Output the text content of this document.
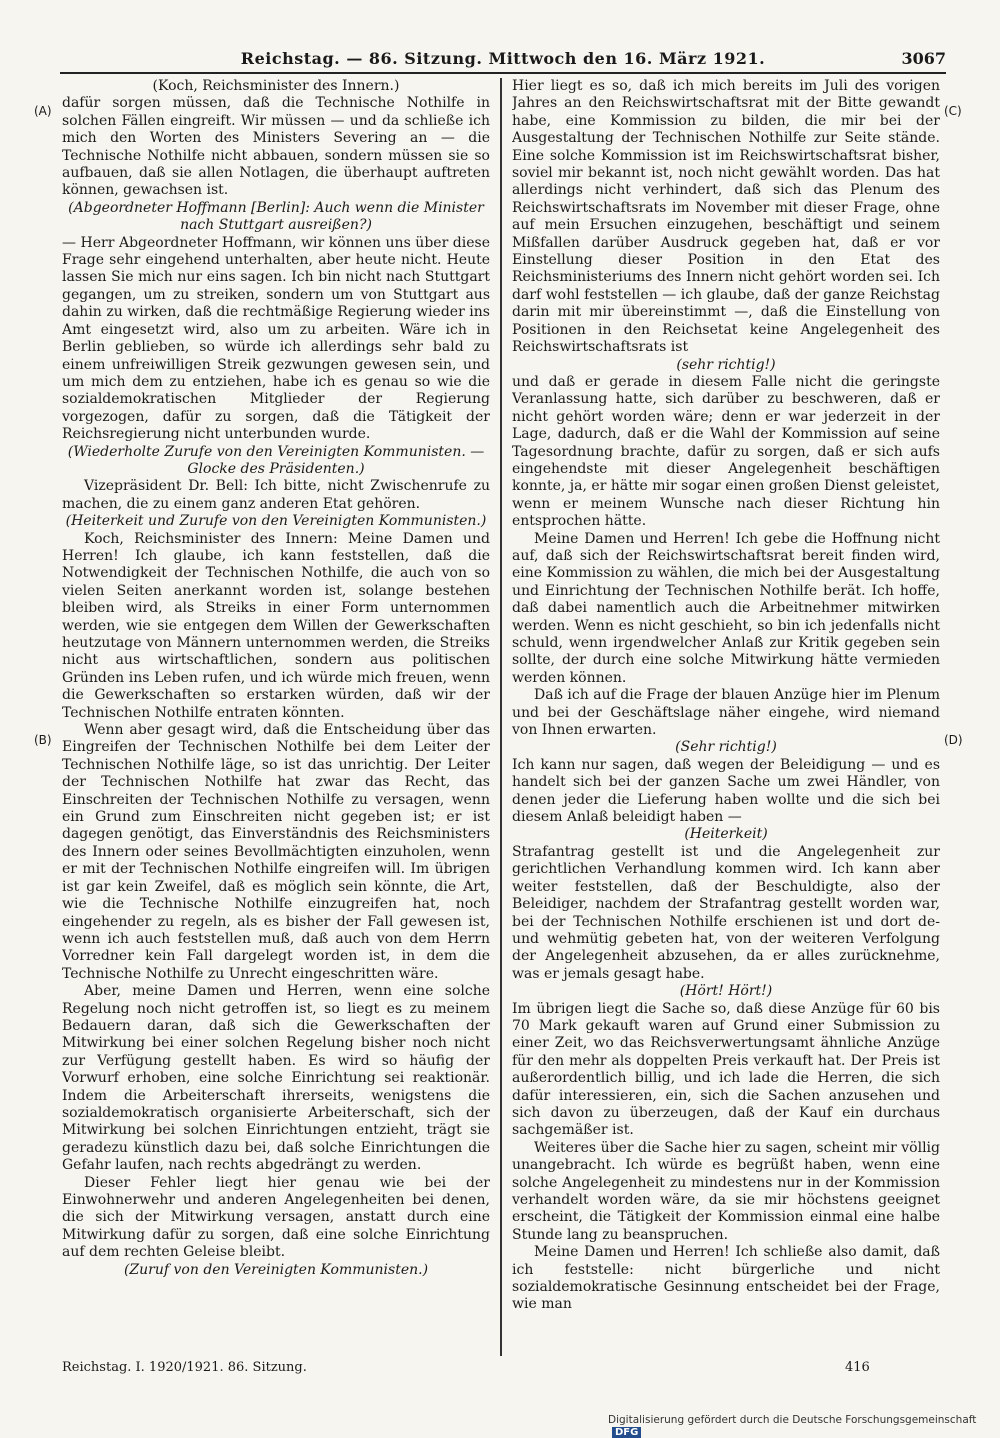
Reichstag. — 86. Sitzung. Mittwoch den 16. März 1921.	3067
(A)
(B)
(C)
(D)

(Koch, Reichsminister des Innern.)

dafür sorgen müssen, daß die Technische Nothilfe in solchen Fällen eingreift. Wir müssen — und da schließe ich mich den Worten des Ministers Severing an — die Technische Nothilfe nicht abbauen, sondern müssen sie so aufbauen, daß sie allen Notlagen, die überhaupt auftreten können, gewachsen ist.

(Abgeordneter Hoffmann [Berlin]: Auch wenn die Minister nach Stuttgart ausreißen?)

— Herr Abgeordneter Hoffmann, wir können uns über diese Frage sehr eingehend unterhalten, aber heute nicht. Heute lassen Sie mich nur eins sagen. Ich bin nicht nach Stuttgart gegangen, um zu streiken, sondern um von Stuttgart aus dahin zu wirken, daß die rechtmäßige Regierung wieder ins Amt eingesetzt wird, also um zu arbeiten. Wäre ich in Berlin geblieben, so würde ich allerdings sehr bald zu einem unfreiwilligen Streik gezwungen gewesen sein, und um mich dem zu entziehen, habe ich es genau so wie die sozialdemokratischen Mitglieder der Regierung vorgezogen, dafür zu sorgen, daß die Tätigkeit der Reichsregierung nicht unterbunden wurde.

(Wiederholte Zurufe von den Vereinigten Kommunisten. — Glocke des Präsidenten.)

Vizepräsident Dr. Bell: Ich bitte, nicht Zwischenrufe zu machen, die zu einem ganz anderen Etat gehören.

(Heiterkeit und Zurufe von den Vereinigten Kommunisten.)

Koch, Reichsminister des Innern: Meine Damen und Herren! Ich glaube, ich kann feststellen, daß die Notwendigkeit der Technischen Nothilfe, die auch von so vielen Seiten anerkannt worden ist, solange bestehen bleiben wird, als Streiks in einer Form unternommen werden, wie sie entgegen dem Willen der Gewerkschaften heutzutage von Männern unternommen werden, die Streiks nicht aus wirtschaftlichen, sondern aus politischen Gründen ins Leben rufen, und ich würde mich freuen, wenn die Gewerkschaften so erstarken würden, daß wir der Technischen Nothilfe entraten könnten.

Wenn aber gesagt wird, daß die Entscheidung über das Eingreifen der Technischen Nothilfe bei dem Leiter der Technischen Nothilfe läge, so ist das unrichtig. Der Leiter der Technischen Nothilfe hat zwar das Recht, das Einschreiten der Technischen Nothilfe zu versagen, wenn ein Grund zum Einschreiten nicht gegeben ist; er ist dagegen genötigt, das Einverständnis des Reichsministers des Innern oder seines Bevollmächtigten einzuholen, wenn er mit der Technischen Nothilfe eingreifen will. Im übrigen ist gar kein Zweifel, daß es möglich sein könnte, die Art, wie die Technische Nothilfe einzugreifen hat, noch eingehender zu regeln, als es bisher der Fall gewesen ist, wenn ich auch feststellen muß, daß auch von dem Herrn Vorredner kein Fall dargelegt worden ist, in dem die Technische Nothilfe zu Unrecht eingeschritten wäre.

Aber, meine Damen und Herren, wenn eine solche Regelung noch nicht getroffen ist, so liegt es zu meinem Bedauern daran, daß sich die Gewerkschaften der Mitwirkung bei einer solchen Regelung bisher noch nicht zur Verfügung gestellt haben. Es wird so häufig der Vorwurf erhoben, eine solche Einrichtung sei reaktionär. Indem die Arbeiterschaft ihrerseits, wenigstens die sozialdemokratisch organisierte Arbeiterschaft, sich der Mitwirkung bei solchen Einrichtungen entzieht, trägt sie geradezu künstlich dazu bei, daß solche Einrichtungen die Gefahr laufen, nach rechts abgedrängt zu werden.

Dieser Fehler liegt hier genau wie bei der Einwohnerwehr und anderen Angelegenheiten bei denen, die sich der Mitwirkung versagen, anstatt durch eine Mitwirkung dafür zu sorgen, daß eine solche Einrichtung auf dem rechten Geleise bleibt.

(Zuruf von den Vereinigten Kommunisten.)

Hier liegt es so, daß ich mich bereits im Juli des vorigen Jahres an den Reichswirtschaftsrat mit der Bitte gewandt habe, eine Kommission zu bilden, die mir bei der Ausgestaltung der Technischen Nothilfe zur Seite stände. Eine solche Kommission ist im Reichswirtschaftsrat bisher, soviel mir bekannt ist, noch nicht gewählt worden. Das hat allerdings nicht verhindert, daß sich das Plenum des Reichswirtschaftsrats im November mit dieser Frage, ohne auf mein Ersuchen einzugehen, beschäftigt und seinem Mißfallen darüber Ausdruck gegeben hat, daß er vor Einstellung dieser Position in den Etat des Reichsministeriums des Innern nicht gehört worden sei. Ich darf wohl feststellen — ich glaube, daß der ganze Reichstag darin mit mir übereinstimmt —, daß die Einstellung von Positionen in den Reichsetat keine Angelegenheit des Reichswirtschaftsrats ist

(sehr richtig!)

und daß er gerade in diesem Falle nicht die geringste Veranlassung hatte, sich darüber zu beschweren, daß er nicht gehört worden wäre; denn er war jederzeit in der Lage, dadurch, daß er die Wahl der Kommission auf seine Tagesordnung brachte, dafür zu sorgen, daß er sich aufs eingehendste mit dieser Angelegenheit beschäftigen konnte, ja, er hätte mir sogar einen großen Dienst geleistet, wenn er meinem Wunsche nach dieser Richtung hin entsprochen hätte.

Meine Damen und Herren! Ich gebe die Hoffnung nicht auf, daß sich der Reichswirtschaftsrat bereit finden wird, eine Kommission zu wählen, die mich bei der Ausgestaltung und Einrichtung der Technischen Nothilfe berät. Ich hoffe, daß dabei namentlich auch die Arbeitnehmer mitwirken werden. Wenn es nicht geschieht, so bin ich jedenfalls nicht schuld, wenn irgendwelcher Anlaß zur Kritik gegeben sein sollte, der durch eine solche Mitwirkung hätte vermieden werden können.

Daß ich auf die Frage der blauen Anzüge hier im Plenum und bei der Geschäftslage näher eingehe, wird niemand von Ihnen erwarten.

(Sehr richtig!)

Ich kann nur sagen, daß wegen der Beleidigung — und es handelt sich bei der ganzen Sache um zwei Händler, von denen jeder die Lieferung haben wollte und die sich bei diesem Anlaß beleidigt haben —

(Heiterkeit)

Strafantrag gestellt ist und die Angelegenheit zur gerichtlichen Verhandlung kommen wird. Ich kann aber weiter feststellen, daß der Beschuldigte, also der Beleidiger, nachdem der Strafantrag gestellt worden war, bei der Technischen Nothilfe erschienen ist und dort de- und wehmütig gebeten hat, von der weiteren Verfolgung der Angelegenheit abzusehen, da er alles zurücknehme, was er jemals gesagt habe.

(Hört! Hört!)

Im übrigen liegt die Sache so, daß diese Anzüge für 60 bis 70 Mark gekauft waren auf Grund einer Submission zu einer Zeit, wo das Reichsverwertungsamt ähnliche Anzüge für den mehr als doppelten Preis verkauft hat. Der Preis ist außerordentlich billig, und ich lade die Herren, die sich dafür interessieren, ein, sich die Sachen anzusehen und sich davon zu überzeugen, daß der Kauf ein durchaus sachgemäßer ist.

Weiteres über die Sache hier zu sagen, scheint mir völlig unangebracht. Ich würde es begrüßt haben, wenn eine solche Angelegenheit zu mindestens nur in der Kommission verhandelt worden wäre, da sie mir höchstens geeignet erscheint, die Tätigkeit der Kommission einmal eine halbe Stunde lang zu beanspruchen.

Meine Damen und Herren! Ich schließe also damit, daß ich feststelle: nicht bürgerliche und nicht sozialdemokratische Gesinnung entscheidet bei der Frage, wie man

Reichstag. I. 1920/1921. 86. Sitzung.	416
Digitalisierung gefördert durch die Deutsche Forschungsgemeinschaft DFG
